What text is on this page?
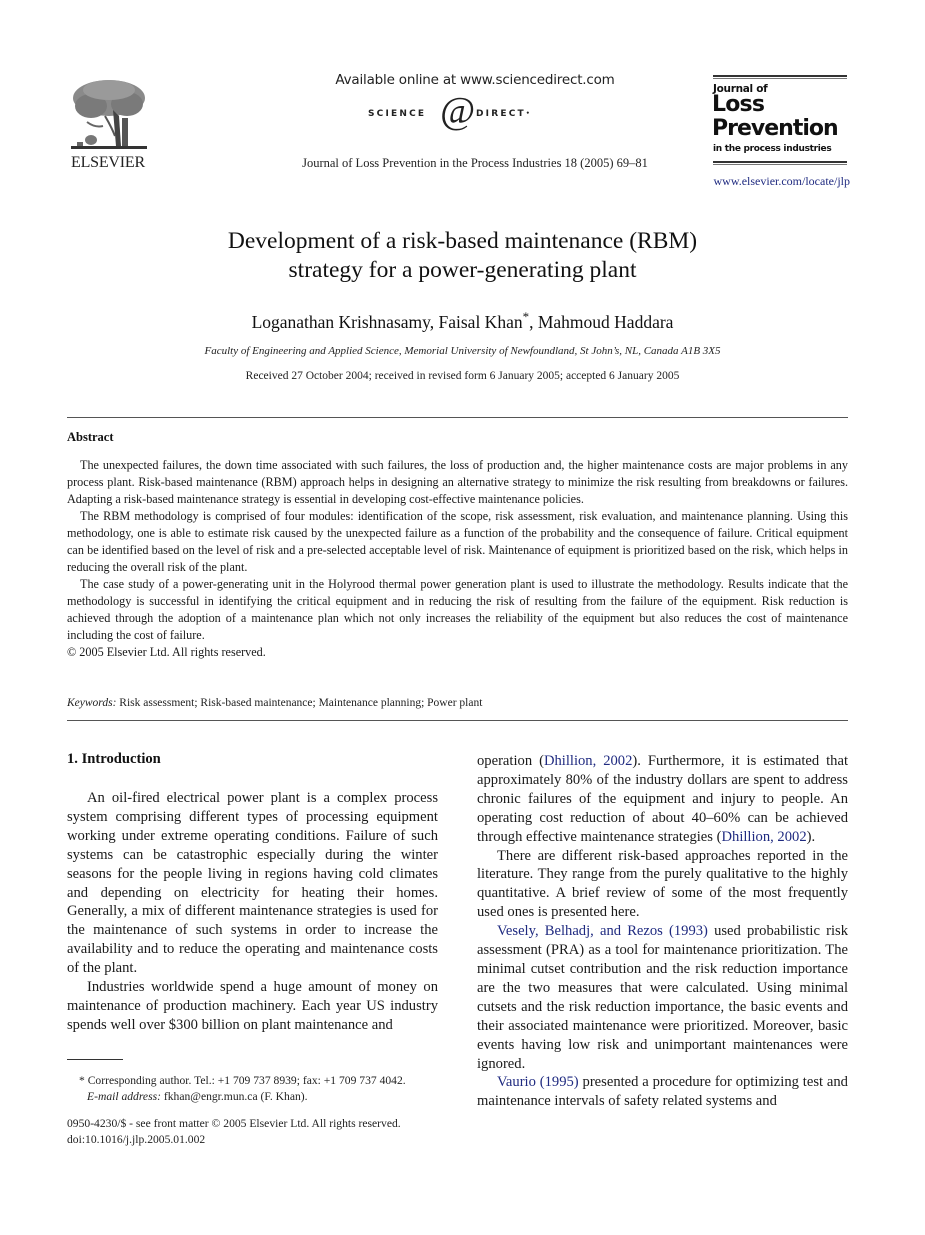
ELSEVIER
Available online at www.sciencedirect.com
SCIENCE @ DIRECT•
Journal of Loss Prevention in the Process Industries 18 (2005) 69–81
Journal of
Loss
Prevention
in the process industries
www.elsevier.com/locate/jlp
Development of a risk-based maintenance (RBM)
strategy for a power-generating plant
Loganathan Krishnasamy, Faisal Khan*, Mahmoud Haddara
Faculty of Engineering and Applied Science, Memorial University of Newfoundland, St John’s, NL, Canada A1B 3X5
Received 27 October 2004; received in revised form 6 January 2005; accepted 6 January 2005
Abstract

The unexpected failures, the down time associated with such failures, the loss of production and, the higher maintenance costs are major problems in any process plant. Risk-based maintenance (RBM) approach helps in designing an alternative strategy to minimize the risk resulting from breakdowns or failures. Adapting a risk-based maintenance strategy is essential in developing cost-effective maintenance policies.

The RBM methodology is comprised of four modules: identification of the scope, risk assessment, risk evaluation, and maintenance planning. Using this methodology, one is able to estimate risk caused by the unexpected failure as a function of the probability and the consequence of failure. Critical equipment can be identified based on the level of risk and a pre-selected acceptable level of risk. Maintenance of equipment is prioritized based on the risk, which helps in reducing the overall risk of the plant.

The case study of a power-generating unit in the Holyrood thermal power generation plant is used to illustrate the methodology. Results indicate that the methodology is successful in identifying the critical equipment and in reducing the risk of resulting from the failure of the equipment. Risk reduction is achieved through the adoption of a maintenance plan which not only increases the reliability of the equipment but also reduces the cost of maintenance including the cost of failure.

© 2005 Elsevier Ltd. All rights reserved.

Keywords: Risk assessment; Risk-based maintenance; Maintenance planning; Power plant
1. Introduction

An oil-fired electrical power plant is a complex process system comprising different types of processing equipment working under extreme operating conditions. Failure of such systems can be catastrophic especially during the winter seasons for the people living in regions having cold climates and depending on electricity for heating their homes. Generally, a mix of different maintenance strategies is used for the maintenance of such systems in order to increase the availability and to reduce the operating and maintenance costs of the plant.

Industries worldwide spend a huge amount of money on maintenance of production machinery. Each year US industry spends well over $300 billion on plant maintenance and

* Corresponding author. Tel.: +1 709 737 8939; fax: +1 709 737 4042.
E-mail address: fkhan@engr.mun.ca (F. Khan).
0950-4230/$ - see front matter © 2005 Elsevier Ltd. All rights reserved.
doi:10.1016/j.jlp.2005.01.002

operation (Dhillion, 2002). Furthermore, it is estimated that approximately 80% of the industry dollars are spent to address chronic failures of the equipment and injury to people. An operating cost reduction of about 40–60% can be achieved through effective maintenance strategies (Dhillion, 2002).

There are different risk-based approaches reported in the literature. They range from the purely qualitative to the highly quantitative. A brief review of some of the most frequently used ones is presented here.

Vesely, Belhadj, and Rezos (1993) used probabilistic risk assessment (PRA) as a tool for maintenance prioritization. The minimal cutset contribution and the risk reduction importance are the two measures that were calculated. Using minimal cutsets and the risk reduction importance, the basic events and their associated maintenance were prioritized. Moreover, basic events having low risk and unimportant maintenances were ignored.

Vaurio (1995) presented a procedure for optimizing test and maintenance intervals of safety related systems and
